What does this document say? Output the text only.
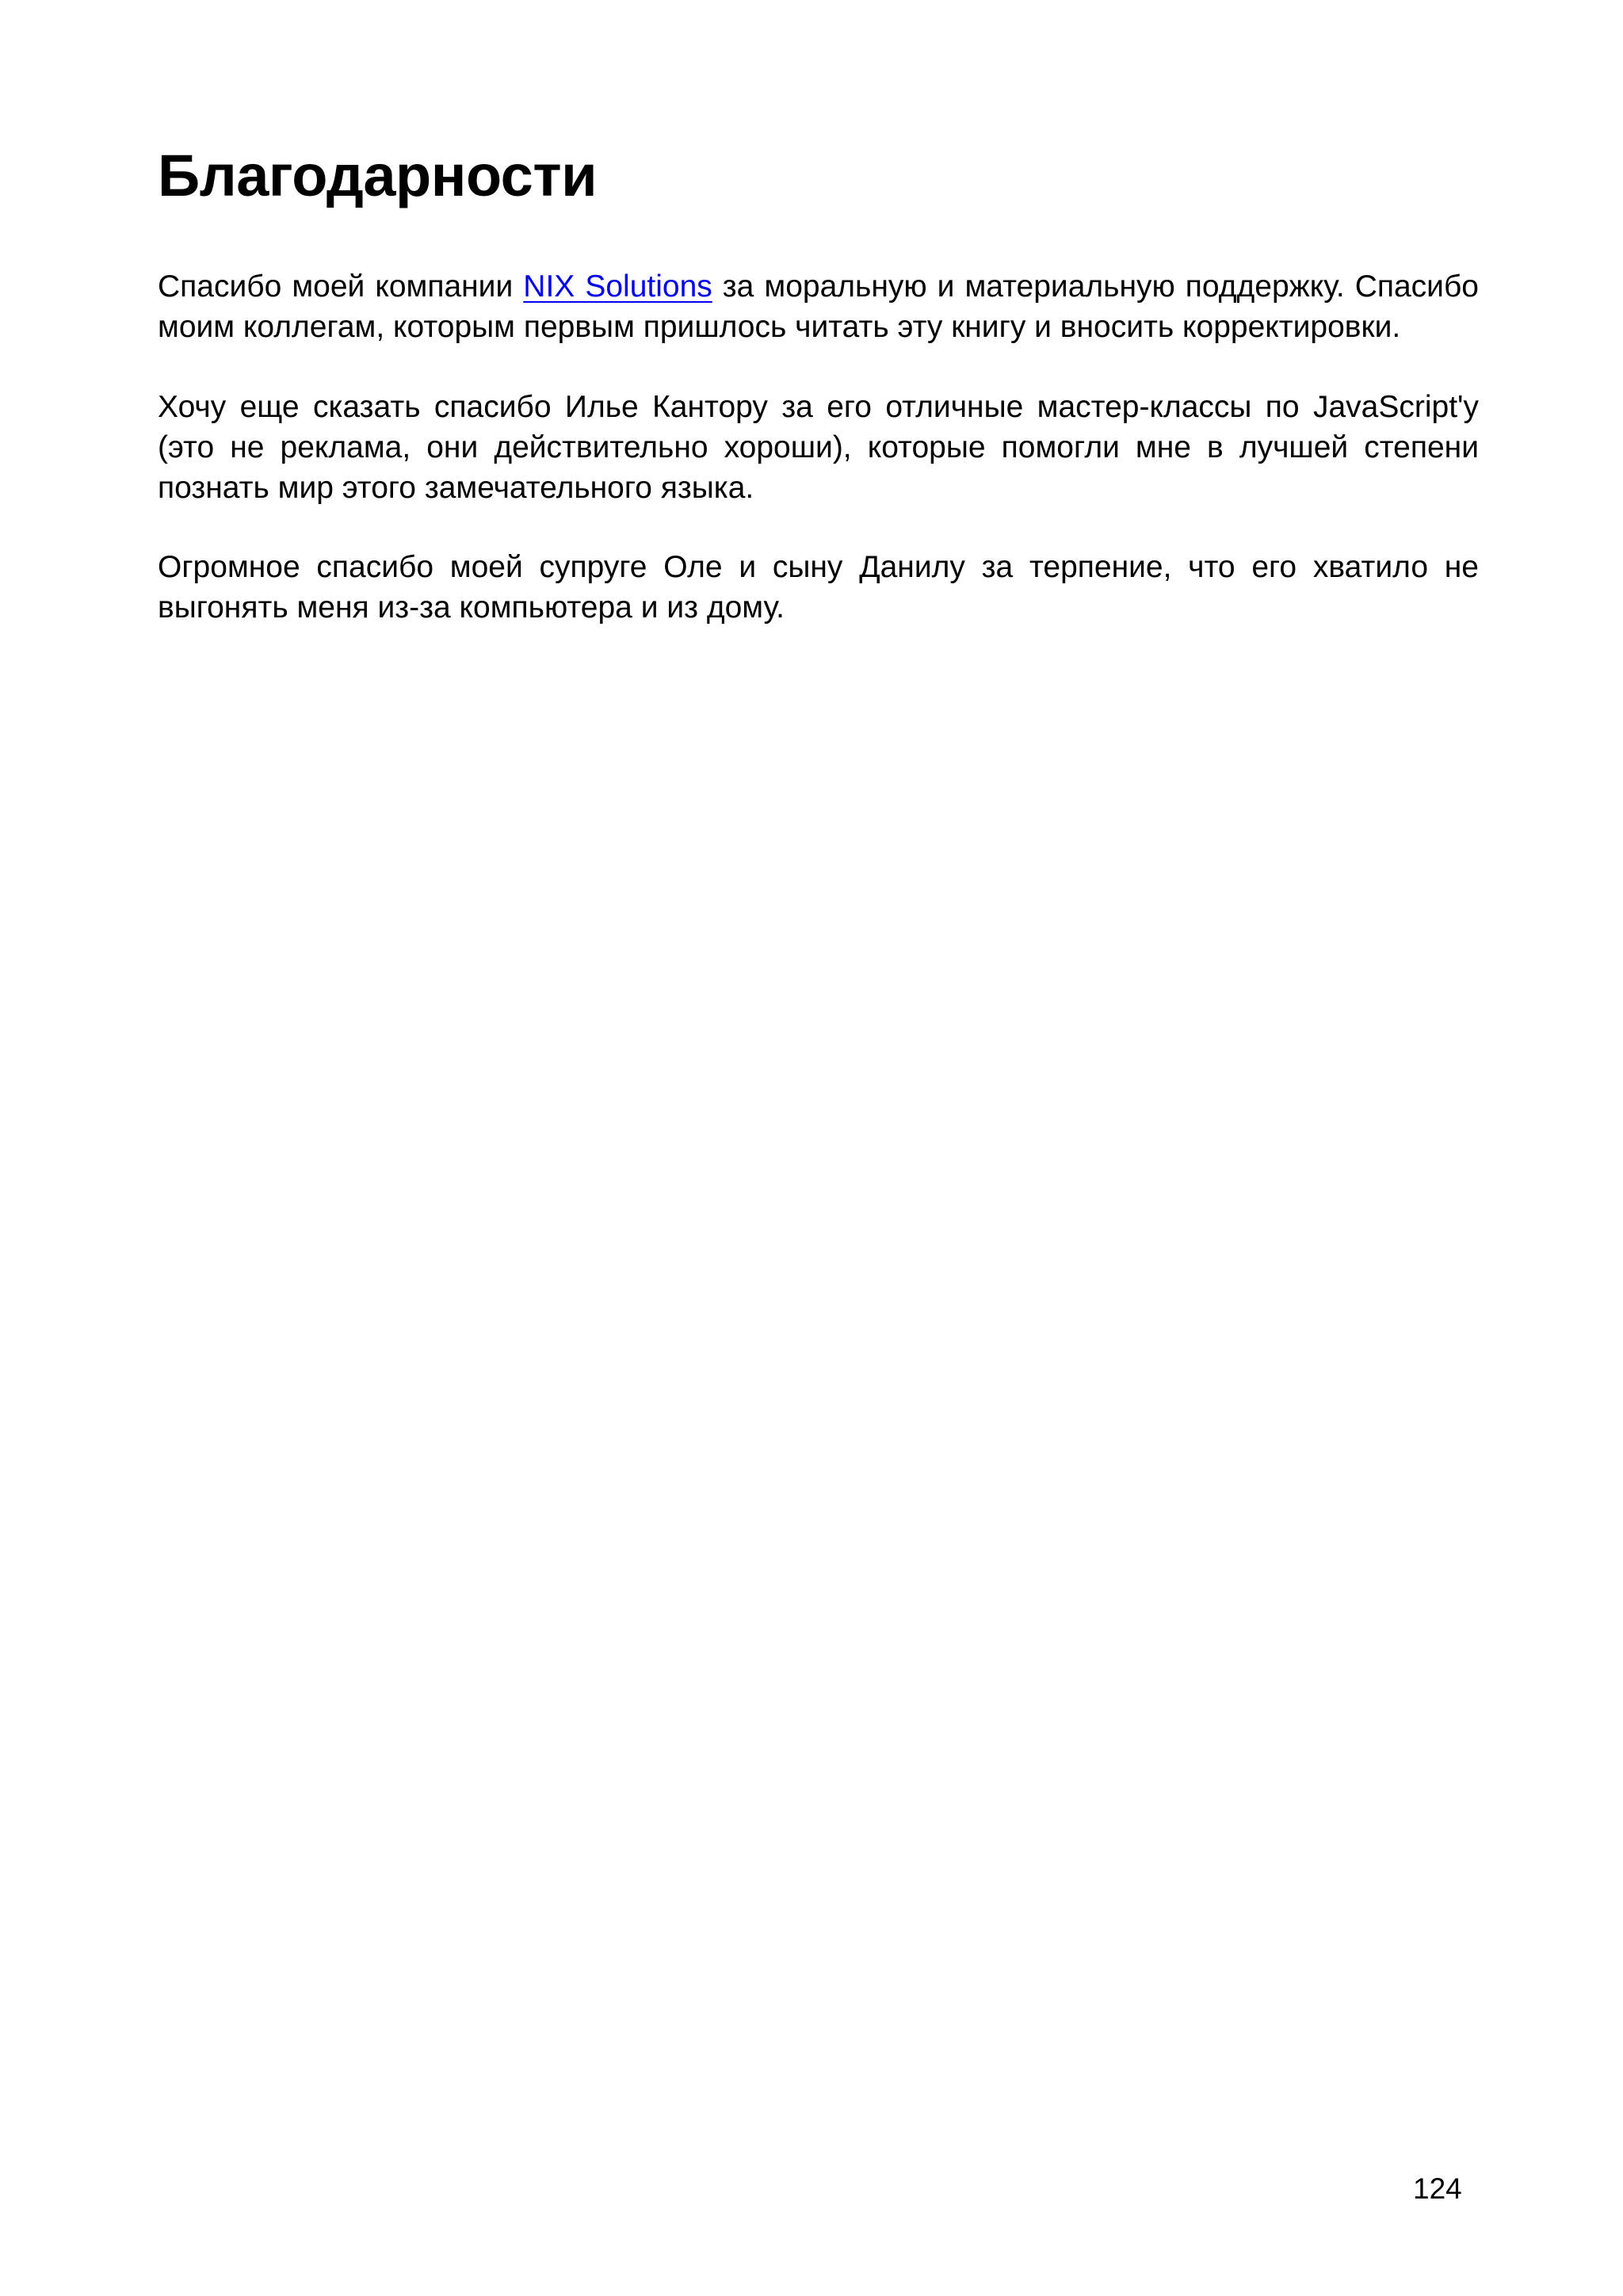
Благодарности

Спасибо моей компании NIX Solutions за моральную и материальную поддержку. Спасибо моим коллегам, которым первым пришлось читать эту книгу и вносить корректировки.

Хочу еще сказать спасибо Илье Кантору за его отличные мастер-классы по JavaScript'у (это не реклама, они действительно хороши), которые помогли мне в лучшей степени познать мир этого замечательного языка.

Огромное спасибо моей супруге Оле и сыну Данилу за терпение, что его хватило не выгонять меня из-за компьютера и из дому.

124
